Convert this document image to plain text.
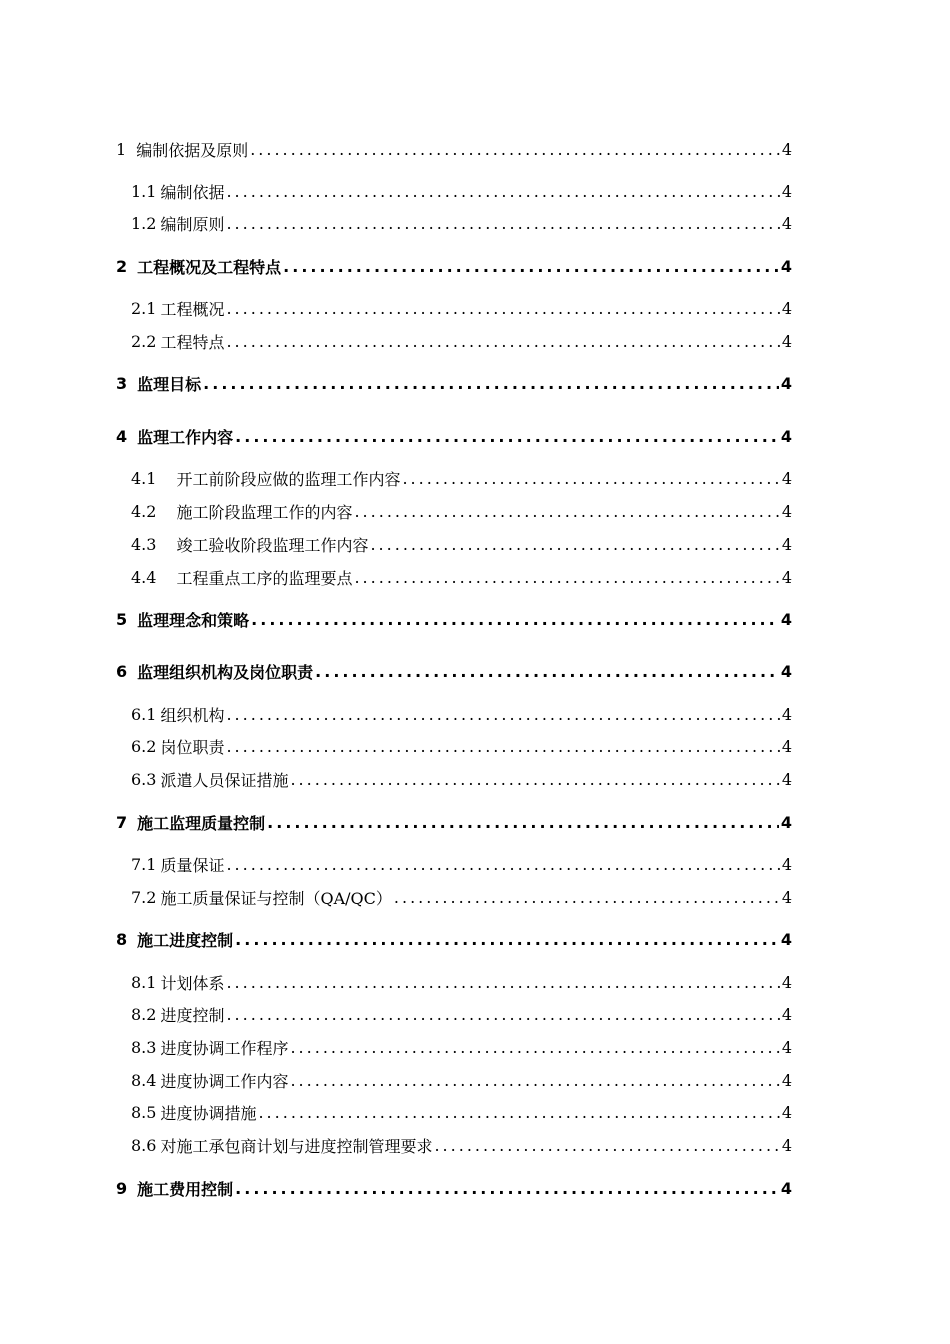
1 编制依据及原则 .....	4
1.1 编制依据 .....	4
1.2 编制原则 .....	4
2 工程概况及工程特点 .....	4
2.1 工程概况 .....	4
2.2 工程特点 .....	4
3 监理目标 .....	4
4 监理工作内容 .....	4
4.1 开工前阶段应做的监理工作内容 .....	4
4.2 施工阶段监理工作的内容 .....	4
4.3 竣工验收阶段监理工作内容 .....	4
4.4 工程重点工序的监理要点 .....	4
5 监理理念和策略 .....	4
6 监理组织机构及岗位职责 .....	4
6.1 组织机构 .....	4
6.2 岗位职责 .....	4
6.3 派遣人员保证措施 .....	4
7 施工监理质量控制 .....	4
7.1 质量保证 .....	4
7.2 施工质量保证与控制（QA/QC） .....	4
8 施工进度控制 .....	4
8.1 计划体系 .....	4
8.2 进度控制 .....	4
8.3 进度协调工作程序 .....	4
8.4 进度协调工作内容 .....	4
8.5 进度协调措施 .....	4
8.6 对施工承包商计划与进度控制管理要求 .....	4
9 施工费用控制 .....	4
